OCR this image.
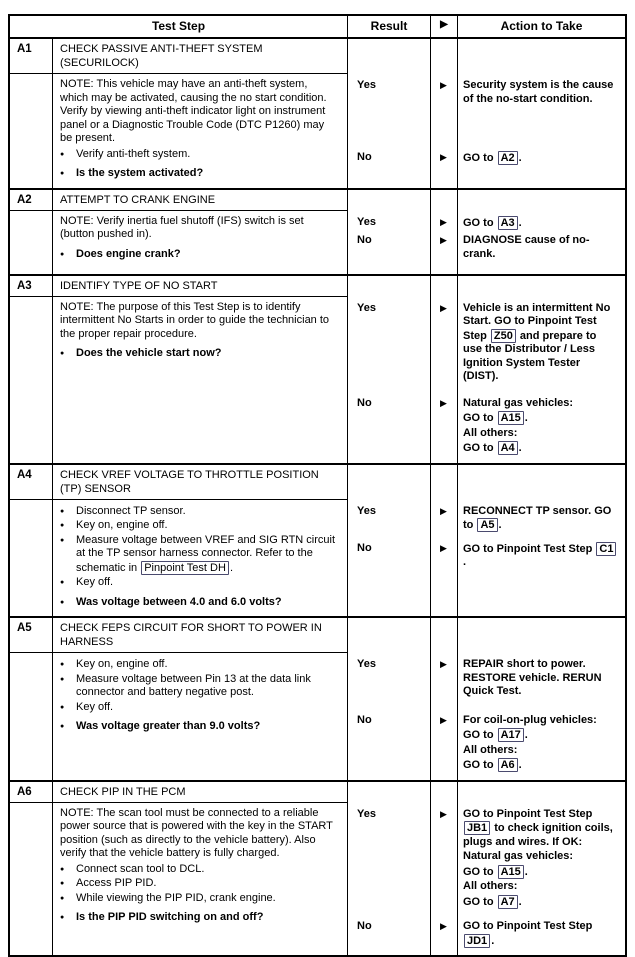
Test Step	Result	▶	Action to Take
A1	CHECK PASSIVE ANTI-THEFT SYSTEM (SECURILOCK)
NOTE: This vehicle may have an anti-theft system, which may be activated, causing the no start condition. Verify by viewing anti-theft indicator light on instrument panel or a Diagnostic Trouble Code (DTC P1260) may be present.
●	Verify anti-theft system.
●	Is the system activated?
Yes	▶	Security system is the cause of the no-start condition.

No	▶	GO to A2 .

A2	ATTEMPT TO CRANK ENGINE
NOTE: Verify inertia fuel shutoff (IFS) switch is set (button pushed in).
●	Does engine crank?
Yes	▶	GO to A3 .

No	▶	DIAGNOSE cause of no-crank.

A3	IDENTIFY TYPE OF NO START
NOTE: The purpose of this Test Step is to identify intermittent No Starts in order to guide the technician to the proper repair procedure.
●	Does the vehicle start now?
Yes	▶	Vehicle is an intermittent No Start. GO to Pinpoint Test Step Z50 and prepare to use the Distributor / Less Ignition System Tester (DIST).

No	▶	Natural gas vehicles:

GO to A15 .

All others:

GO to A4 .

A4	CHECK VREF VOLTAGE TO THROTTLE POSITION (TP) SENSOR
●	Disconnect TP sensor.
●	Key on, engine off.
●	Measure voltage between VREF and SIG RTN circuit at the TP sensor harness connector. Refer to the schematic in Pinpoint Test DH .
●	Key off.
●	Was voltage between 4.0 and 6.0 volts?
Yes	▶	RECONNECT TP sensor. GO to A5 .

No	▶	GO to Pinpoint Test Step C1.

A5	CHECK FEPS CIRCUIT FOR SHORT TO POWER IN HARNESS
●	Key on, engine off.
●	Measure voltage between Pin 13 at the data link connector and battery negative post.
●	Key off.
●	Was voltage greater than 9.0 volts?
Yes	▶	REPAIR short to power. RESTORE vehicle. RERUN Quick Test.

No	▶	For coil-on-plug vehicles:

GO to A17 .

All others:

GO to A6 .

A6	CHECK PIP IN THE PCM
NOTE: The scan tool must be connected to a reliable power source that is powered with the key in the START position (such as directly to the vehicle battery). Also verify that the vehicle battery is fully charged.
●	Connect scan tool to DCL.
●	Access PIP PID.
●	While viewing the PIP PID, crank engine.
●	Is the PIP PID switching on and off?
Yes	▶	GO to Pinpoint Test Step JB1 to check ignition coils, plugs and wires. If OK:

Natural gas vehicles:

GO to A15 .

All others:

GO to A7 .

No	▶	GO to Pinpoint Test Step JD1 .
